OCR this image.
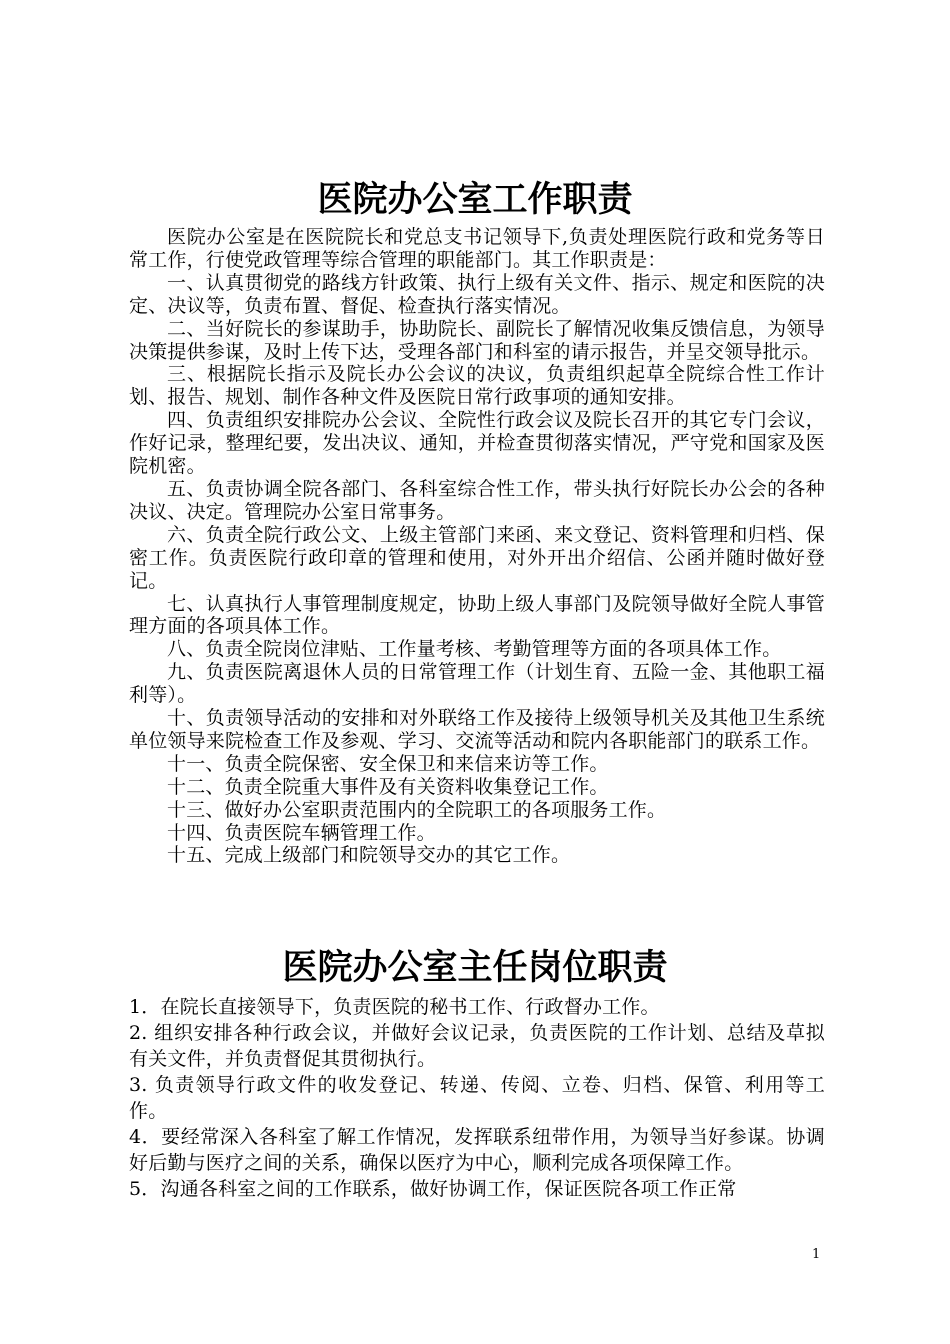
医院办公室工作职责

医院办公室是在医院院长和党总支书记领导下,负责处理医院行政和党务等日常工作，行使党政管理等综合管理的职能部门。其工作职责是：

一、认真贯彻党的路线方针政策、执行上级有关文件、指示、规定和医院的决定、决议等，负责布置、督促、检查执行落实情况。

二、当好院长的参谋助手，协助院长、副院长了解情况收集反馈信息，为领导决策提供参谋，及时上传下达，受理各部门和科室的请示报告，并呈交领导批示。

三、根据院长指示及院长办公会议的决议，负责组织起草全院综合性工作计划、报告、规划、制作各种文件及医院日常行政事项的通知安排。

四、负责组织安排院办公会议、全院性行政会议及院长召开的其它专门会议，作好记录，整理纪要，发出决议、通知，并检查贯彻落实情况，严守党和国家及医院机密。

五、负责协调全院各部门、各科室综合性工作，带头执行好院长办公会的各种决议、决定。管理院办公室日常事务。

六、负责全院行政公文、上级主管部门来函、来文登记、资料管理和归档、保密工作。负责医院行政印章的管理和使用，对外开出介绍信、公函并随时做好登记。

七、认真执行人事管理制度规定，协助上级人事部门及院领导做好全院人事管理方面的各项具体工作。

八、负责全院岗位津贴、工作量考核、考勤管理等方面的各项具体工作。

九、负责医院离退休人员的日常管理工作（计划生育、五险一金、其他职工福利等）。

十、负责领导活动的安排和对外联络工作及接待上级领导机关及其他卫生系统单位领导来院检查工作及参观、学习、交流等活动和院内各职能部门的联系工作。

十一、负责全院保密、安全保卫和来信来访等工作。

十二、负责全院重大事件及有关资料收集登记工作。

十三、做好办公室职责范围内的全院职工的各项服务工作。

十四、负责医院车辆管理工作。

十五、完成上级部门和院领导交办的其它工作。

医院办公室主任岗位职责

1．在院长直接领导下，负责医院的秘书工作、行政督办工作。

2. 组织安排各种行政会议，并做好会议记录，负责医院的工作计划、总结及草拟有关文件，并负责督促其贯彻执行。

3. 负责领导行政文件的收发登记、转递、传阅、立卷、归档、保管、利用等工作。

4．要经常深入各科室了解工作情况，发挥联系纽带作用，为领导当好参谋。协调好后勤与医疗之间的关系，确保以医疗为中心，顺利完成各项保障工作。

5．沟通各科室之间的工作联系，做好协调工作，保证医院各项工作正常

1
